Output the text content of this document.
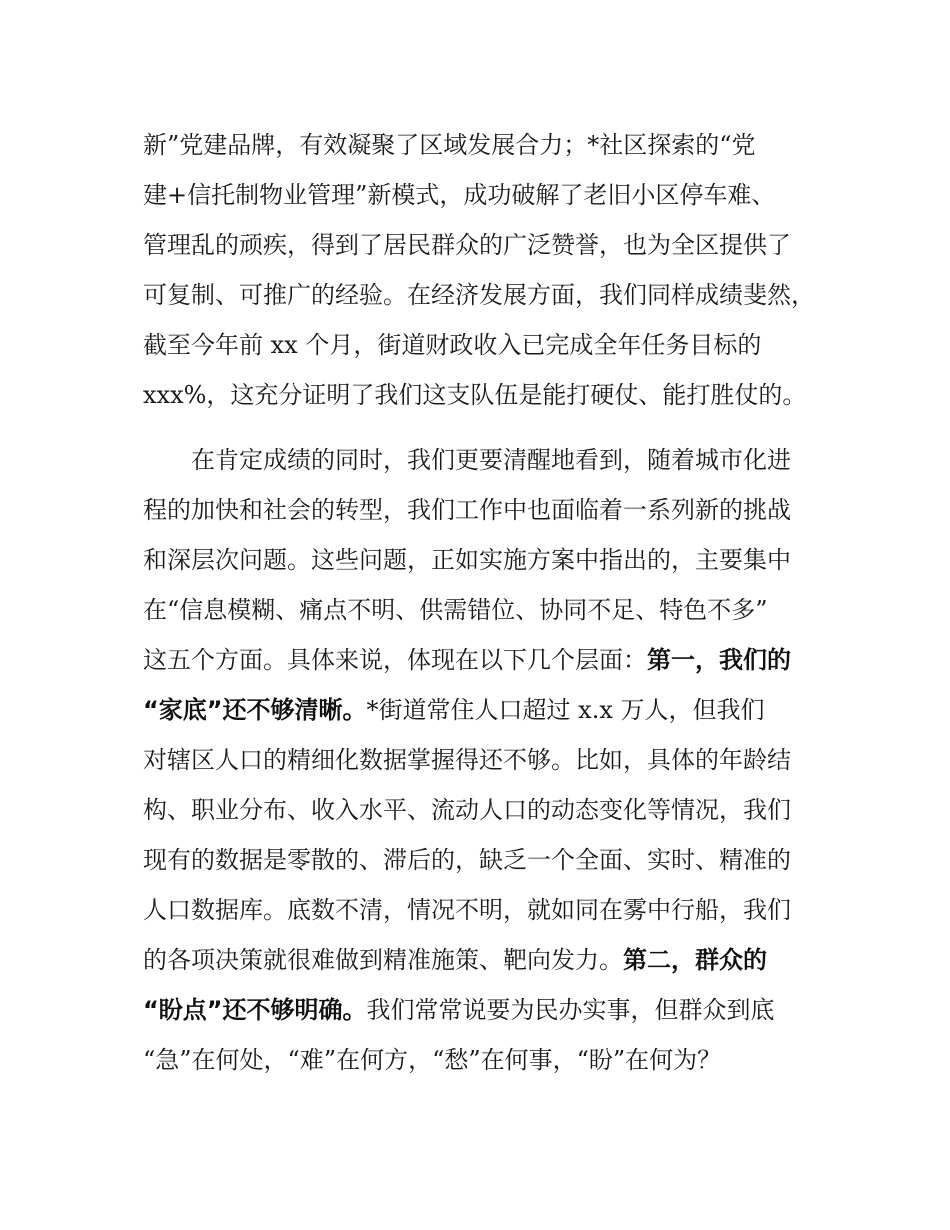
新”党建品牌，有效凝聚了区域发展合力；*社区探索的“党
建+信托制物业管理”新模式，成功破解了老旧小区停车难、
管理乱的顽疾，得到了居民群众的广泛赞誉，也为全区提供了
可复制、可推广的经验。在经济发展方面，我们同样成绩斐然，
截至今年前 xx 个月，街道财政收入已完成全年任务目标的
xxx%，这充分证明了我们这支队伍是能打硬仗、能打胜仗的。
在肯定成绩的同时，我们更要清醒地看到，随着城市化进
程的加快和社会的转型，我们工作中也面临着一系列新的挑战
和深层次问题。这些问题，正如实施方案中指出的，主要集中
在“信息模糊、痛点不明、供需错位、协同不足、特色不多”
这五个方面。具体来说，体现在以下几个层面：第一，我们的
“家底”还不够清晰。*街道常住人口超过 x.x 万人，但我们
对辖区人口的精细化数据掌握得还不够。比如，具体的年龄结
构、职业分布、收入水平、流动人口的动态变化等情况，我们
现有的数据是零散的、滞后的，缺乏一个全面、实时、精准的
人口数据库。底数不清，情况不明，就如同在雾中行船，我们
的各项决策就很难做到精准施策、靶向发力。第二，群众的
“盼点”还不够明确。我们常常说要为民办实事，但群众到底
“急”在何处，“难”在何方，“愁”在何事，“盼”在何为？
